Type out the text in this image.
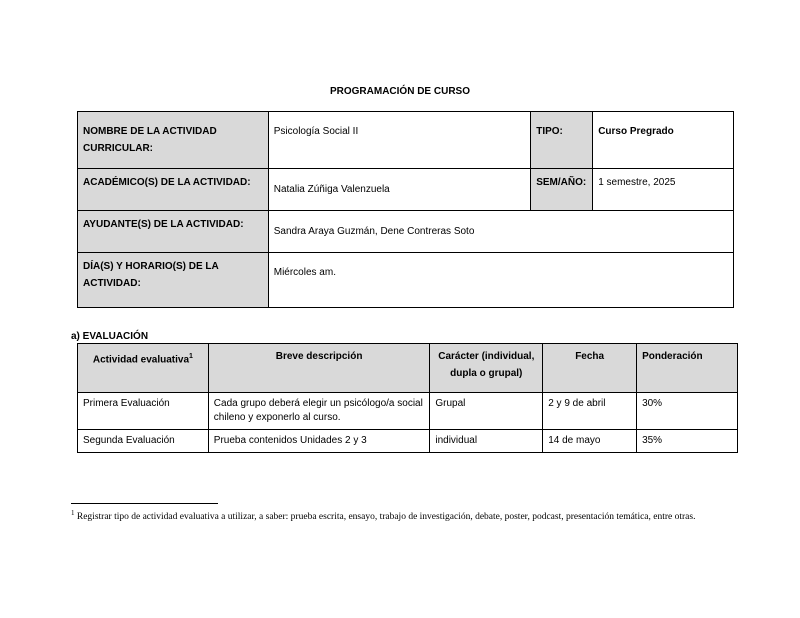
PROGRAMACIÓN DE CURSO
NOMBRE DE LA ACTIVIDAD CURRICULAR:	Psicología Social II	TIPO:	Curso Pregrado
ACADÉMICO(S) DE LA ACTIVIDAD:	Natalia Zúñiga Valenzuela	SEM/AÑO:	1 semestre, 2025
AYUDANTE(S) DE LA ACTIVIDAD:	Sandra Araya Guzmán, Dene Contreras Soto		
DÍA(S) Y HORARIO(S) DE LA ACTIVIDAD:	Miércoles am.		
a) EVALUACIÓN
Actividad evaluativa$^1$	Breve descripción	Carácter (individual, dupla o grupal)	Fecha	Ponderación
Primera Evaluación	Cada grupo deberá elegir un psicólogo/a social chileno y exponerlo al curso.	Grupal	2 y 9 de abril	30%
Segunda Evaluación	Prueba contenidos Unidades 2 y 3	individual	14 de mayo	35%
$^1$ Registrar tipo de actividad evaluativa a utilizar, a saber: prueba escrita, ensayo, trabajo de investigación, debate, poster, podcast, presentación temática, entre otras.
